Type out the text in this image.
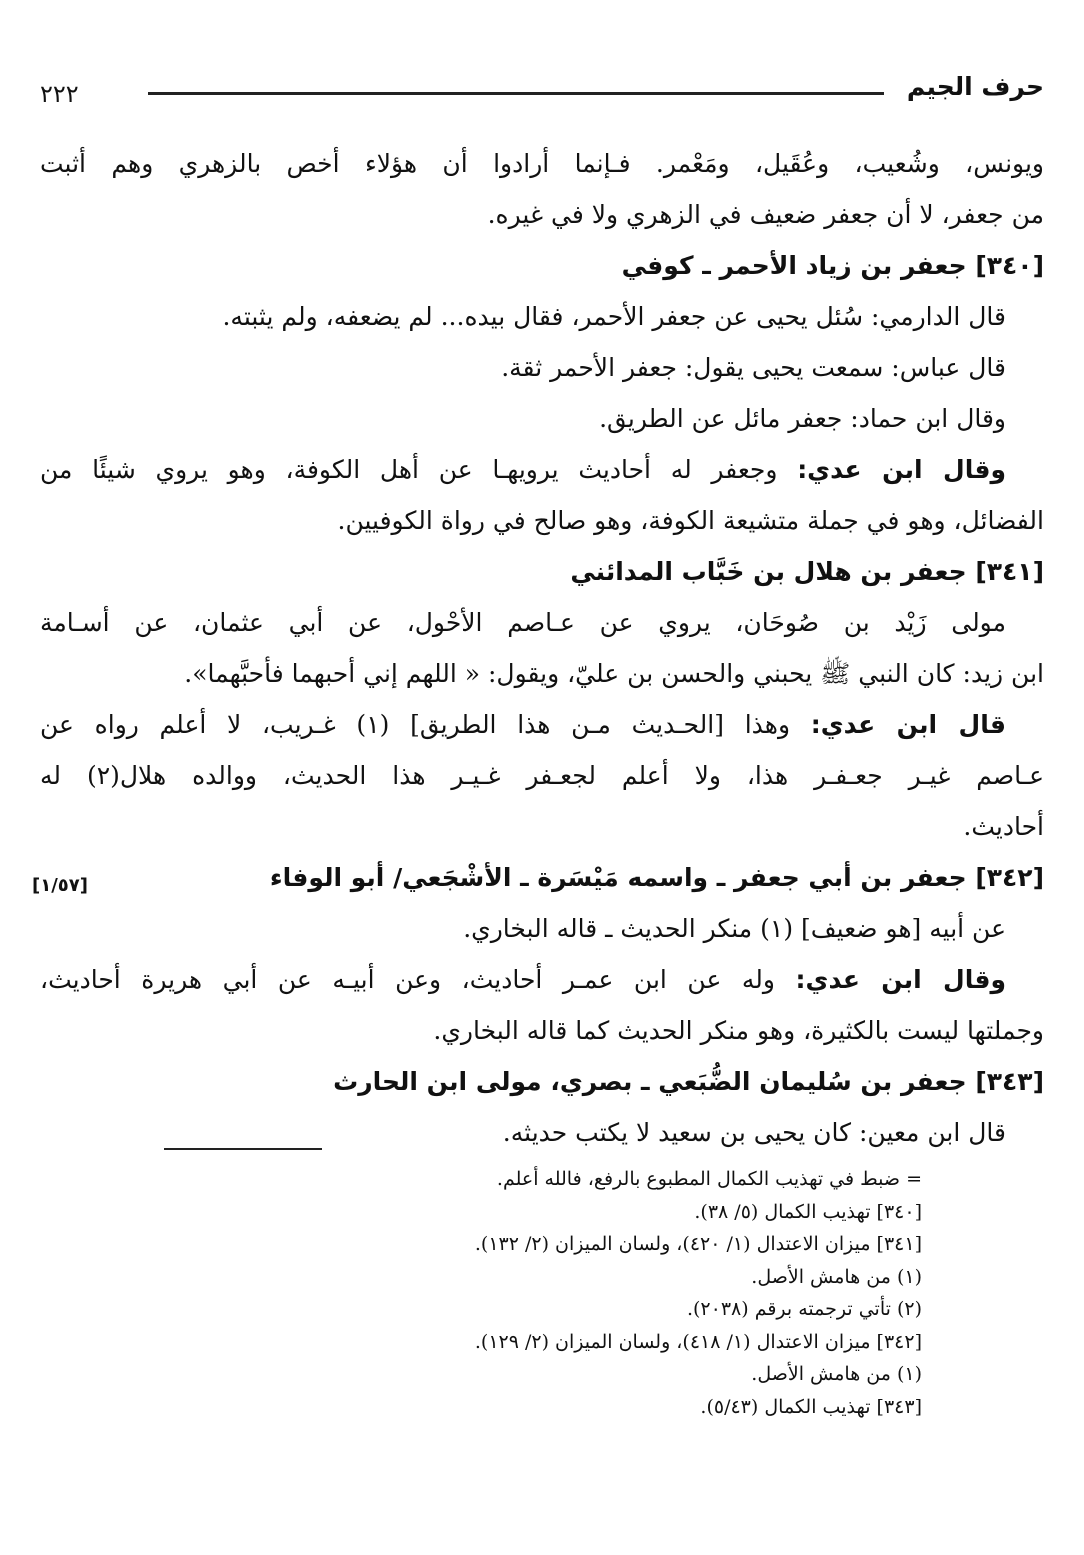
حرف الجيم
٢٢٢
ويونس، وشُعيب، وعُقَيل، ومَعْمر. فـإنما أرادوا أن هؤلاء أخص بالزهري وهم أثبت
من جعفر، لا أن جعفر ضعيف في الزهري ولا في غيره.
[٣٤٠] جعفر بن زياد الأحمر ـ كوفي
قال الدارمي: سُئل يحيى عن جعفر الأحمر، فقال بيده... لم يضعفه، ولم يثبته.
قال عباس: سمعت يحيى يقول: جعفر الأحمر ثقة.
وقال ابن حماد: جعفر مائل عن الطريق.
وقال ابن عدي: وجعفر له أحاديث يرويهـا عن أهل الكوفة، وهو يروي شيئًا من
الفضائل، وهو في جملة متشيعة الكوفة، وهو صالح في رواة الكوفيين.
[٣٤١] جعفر بن هلال بن خَبَّاب المدائني
مولى زَيْد بن صُوحَان، يروي عن عـاصم الأحْول، عن أبي عثمان، عن أسـامة
ابن زيد: كان النبي ﷺ يحبني والحسن بن عليّ، ويقول: « اللهم إني أحبهما فأحبَّهما».
قال ابن عدي: وهذا [الحـديث مـن هذا الطريق] (١) غـريب، لا أعلم رواه عن
عـاصم غيـر جعـفـر هذا، ولا أعلم لجعـفر غـيـر هذا الحديث، ووالده هلال(٢) له
أحاديث.
[٣٤٢] جعفر بن أبي جعفر ـ واسمه مَيْسَرة ـ الأشْجَعي/ أبو الوفاء
[١/٥٧]
عن أبيه [هو ضعيف] (١) منكر الحديث ـ قاله البخاري.
وقال ابن عدي: وله عن ابن عمـر أحاديث، وعن أبيـه عن أبي هريرة أحاديث،
وجملتها ليست بالكثيرة، وهو منكر الحديث كما قاله البخاري.
[٣٤٣] جعفر بن سُليمان الضُّبَعي ـ بصري، مولى ابن الحارث
قال ابن معين: كان يحيى بن سعيد لا يكتب حديثه.
= ضبط في تهذيب الكمال المطبوع بالرفع، فالله أعلم.
[٣٤٠] تهذيب الكمال (٥/ ٣٨).
[٣٤١] ميزان الاعتدال (١/ ٤٢٠)، ولسان الميزان (٢/ ١٣٢).
(١) من هامش الأصل.
(٢) تأتي ترجمته برقم (٢٠٣٨).
[٣٤٢] ميزان الاعتدال (١/ ٤١٨)، ولسان الميزان (٢/ ١٢٩).
(١) من هامش الأصل.
[٣٤٣] تهذيب الكمال (٥/٤٣).
